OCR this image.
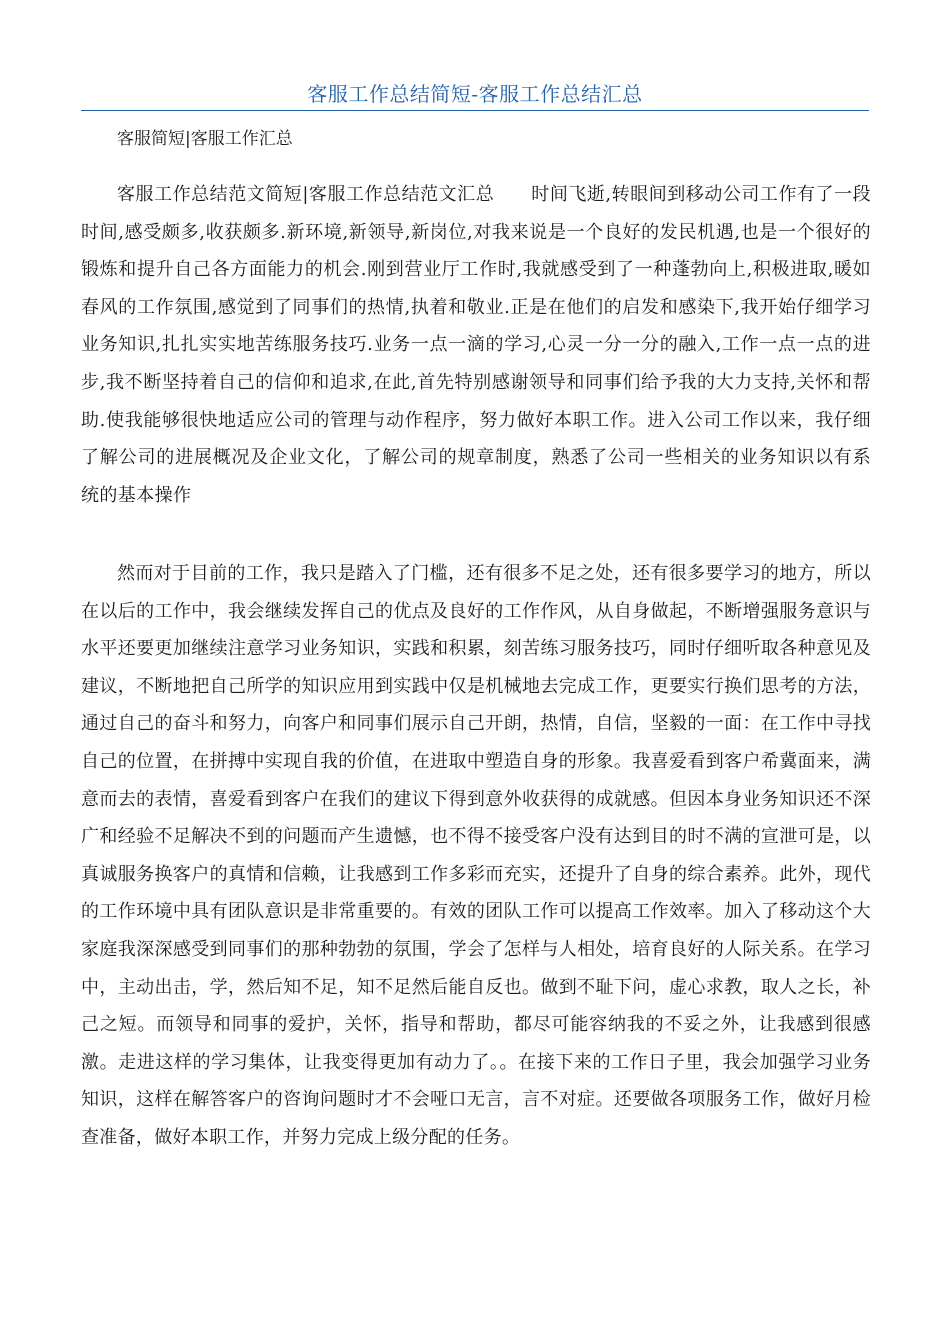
客服工作总结简短-客服工作总结汇总
客服简短|客服工作汇总

客服工作总结范文简短|客服工作总结范文汇总　　时间飞逝,转眼间到移动公司工作有了一段时间,感受颇多,收获颇多.新环境,新领导,新岗位,对我来说是一个良好的发民机遇,也是一个很好的锻炼和提升自己各方面能力的机会.刚到营业厅工作时,我就感受到了一种蓬勃向上,积极进取,暖如春风的工作氛围,感觉到了同事们的热情,执着和敬业.正是在他们的启发和感染下,我开始仔细学习业务知识,扎扎实实地苦练服务技巧.业务一点一滴的学习,心灵一分一分的融入,工作一点一点的进步,我不断坚持着自己的信仰和追求,在此,首先特别感谢领导和同事们给予我的大力支持,关怀和帮助.使我能够很快地适应公司的管理与动作程序，努力做好本职工作。进入公司工作以来，我仔细了解公司的进展概况及企业文化，了解公司的规章制度，熟悉了公司一些相关的业务知识以有系统的基本操作

然而对于目前的工作，我只是踏入了门槛，还有很多不足之处，还有很多要学习的地方，所以在以后的工作中，我会继续发挥自己的优点及良好的工作作风，从自身做起，不断增强服务意识与水平还要更加继续注意学习业务知识，实践和积累，刻苦练习服务技巧，同时仔细听取各种意见及建议，不断地把自己所学的知识应用到实践中仅是机械地去完成工作，更要实行换们思考的方法，通过自己的奋斗和努力，向客户和同事们展示自己开朗，热情，自信，坚毅的一面：在工作中寻找自己的位置，在拼搏中实现自我的价值，在进取中塑造自身的形象。我喜爱看到客户希冀面来，满意而去的表情，喜爱看到客户在我们的建议下得到意外收获得的成就感。但因本身业务知识还不深广和经验不足解决不到的问题而产生遗憾，也不得不接受客户没有达到目的时不满的宣泄可是，以真诚服务换客户的真情和信赖，让我感到工作多彩而充实，还提升了自身的综合素养。此外，现代的工作环境中具有团队意识是非常重要的。有效的团队工作可以提高工作效率。加入了移动这个大家庭我深深感受到同事们的那种勃勃的氛围，学会了怎样与人相处，培育良好的人际关系。在学习中，主动出击，学，然后知不足，知不足然后能自反也。做到不耻下问，虚心求教，取人之长，补己之短。而领导和同事的爱护，关怀，指导和帮助，都尽可能容纳我的不妥之外，让我感到很感激。走进这样的学习集体，让我变得更加有动力了。。在接下来的工作日子里，我会加强学习业务知识，这样在解答客户的咨询问题时才不会哑口无言，言不对症。还要做各项服务工作，做好月检查准备，做好本职工作，并努力完成上级分配的任务。
